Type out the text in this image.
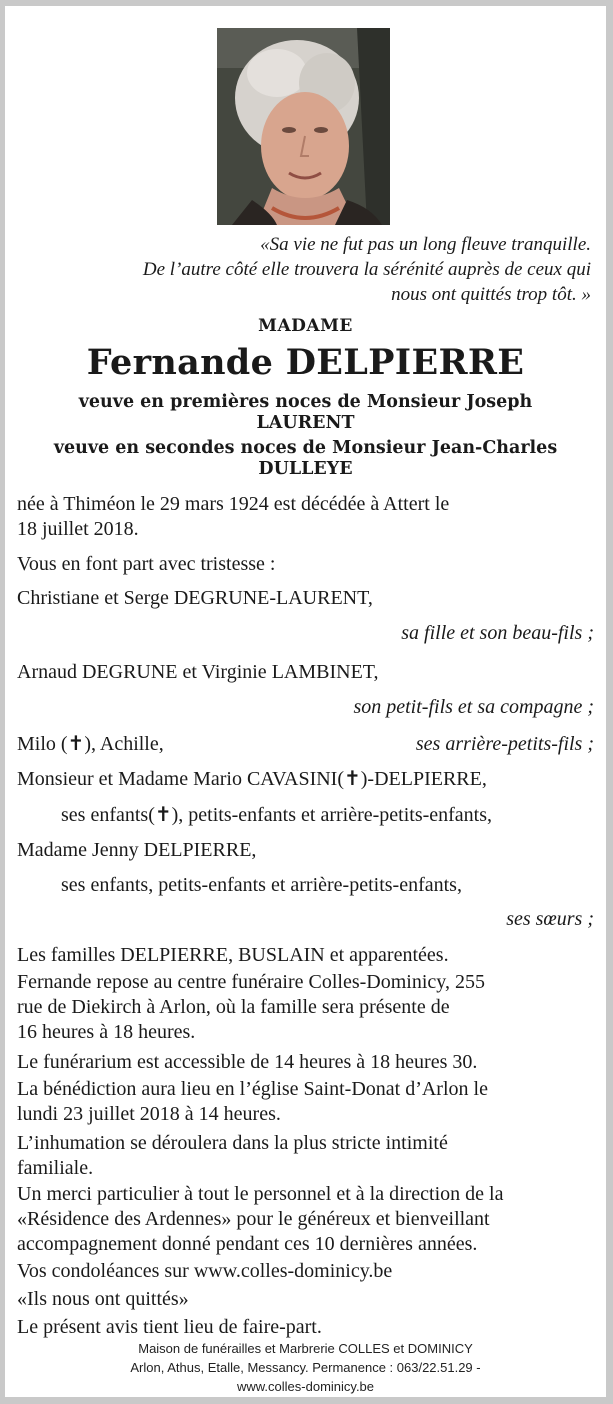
«Sa vie ne fut pas un long fleuve tranquille.
De l’autre côté elle trouvera la sérénité auprès de ceux qui
nous ont quittés trop tôt. »
MADAME
Fernande DELPIERRE
veuve en premières noces de Monsieur Joseph
LAURENT
veuve en secondes noces de Monsieur Jean-Charles
DULLEYE
née à Thiméon le 29 mars 1924 est décédée à Attert le
18 juillet 2018.
Vous en font part avec tristesse :
Christiane et Serge DEGRUNE-LAURENT,
sa fille et son beau-fils ;
Arnaud DEGRUNE et Virginie LAMBINET,
son petit-fils et sa compagne ;
Milo (✝), Achille,	ses arrière-petits-fils ;
Monsieur et Madame Mario CAVASINI(✝)-DELPIERRE,
ses enfants(✝), petits-enfants et arrière-petits-enfants,
Madame Jenny DELPIERRE,
ses enfants, petits-enfants et arrière-petits-enfants,
ses sœurs ;
Les familles DELPIERRE, BUSLAIN et apparentées.
Fernande repose au centre funéraire Colles-Dominicy, 255
rue de Diekirch à Arlon, où la famille sera présente de
16 heures à 18 heures.
Le funérarium est accessible de 14 heures à 18 heures 30.
La bénédiction aura lieu en l’église Saint-Donat d’Arlon le
lundi 23 juillet 2018 à 14 heures.
L’inhumation se déroulera dans la plus stricte intimité
familiale.
Un merci particulier à tout le personnel et à la direction de la
«Résidence des Ardennes» pour le généreux et bienveillant
accompagnement donné pendant ces 10 dernières années.
Vos condoléances sur www.colles-dominicy.be
«Ils nous ont quittés»
Le présent avis tient lieu de faire-part.
Maison de funérailles et Marbrerie COLLES et DOMINICY
Arlon, Athus, Etalle, Messancy. Permanence : 063/22.51.29 -
www.colles-dominicy.be
